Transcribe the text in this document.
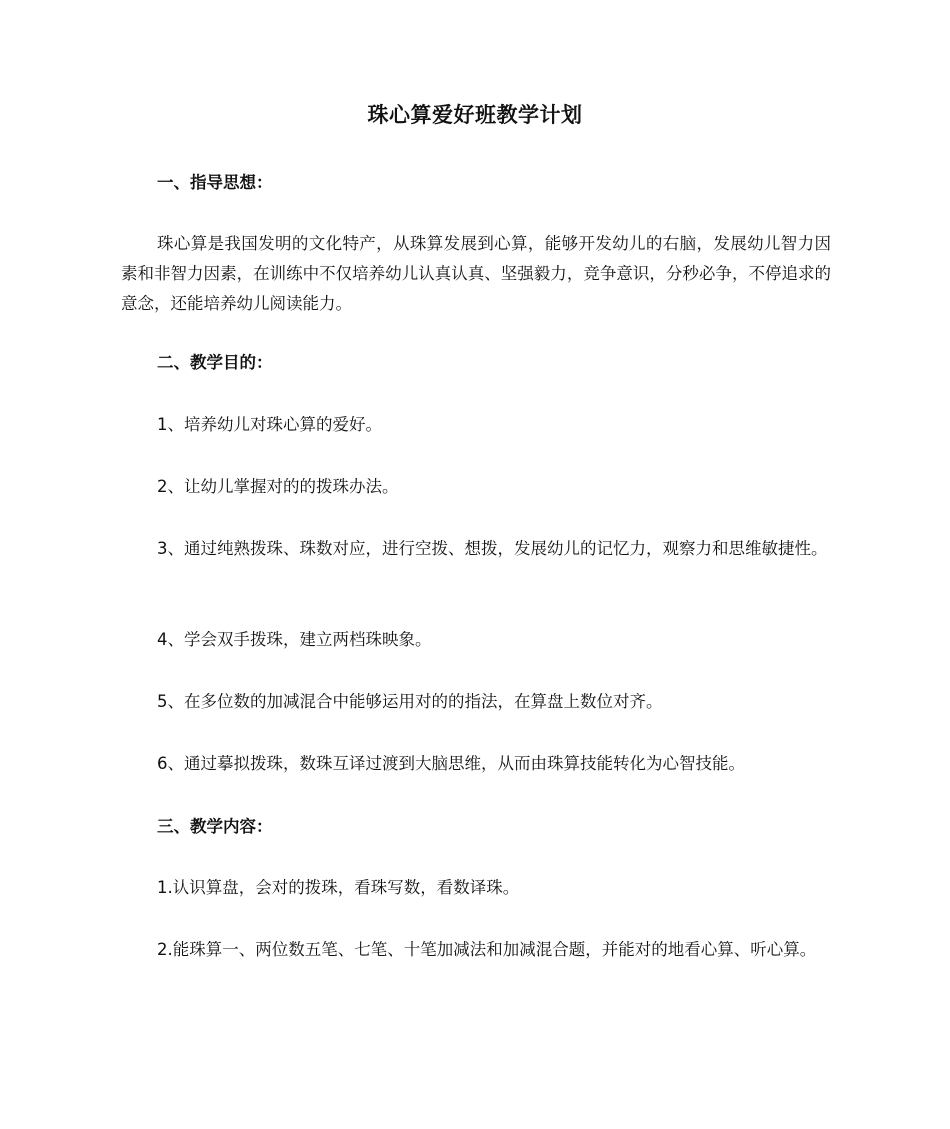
珠心算爱好班教学计划
一、指导思想：
珠心算是我国发明的文化特产，从珠算发展到心算，能够开发幼儿的右脑，发展幼儿智力因素和非智力因素，在训练中不仅培养幼儿认真认真、坚强毅力，竞争意识，分秒必争，不停追求的意念，还能培养幼儿阅读能力。
二、教学目的：
1、培养幼儿对珠心算的爱好。
2、让幼儿掌握对的的拨珠办法。
3、通过纯熟拨珠、珠数对应，进行空拨、想拨，发展幼儿的记忆力，观察力和思维敏捷性。
4、学会双手拨珠，建立两档珠映象。
5、在多位数的加减混合中能够运用对的的指法，在算盘上数位对齐。
6、通过摹拟拨珠，数珠互译过渡到大脑思维，从而由珠算技能转化为心智技能。
三、教学内容：
1.认识算盘，会对的拨珠，看珠写数，看数译珠。
2.能珠算一、两位数五笔、七笔、十笔加减法和加减混合题，并能对的地看心算、听心算。
